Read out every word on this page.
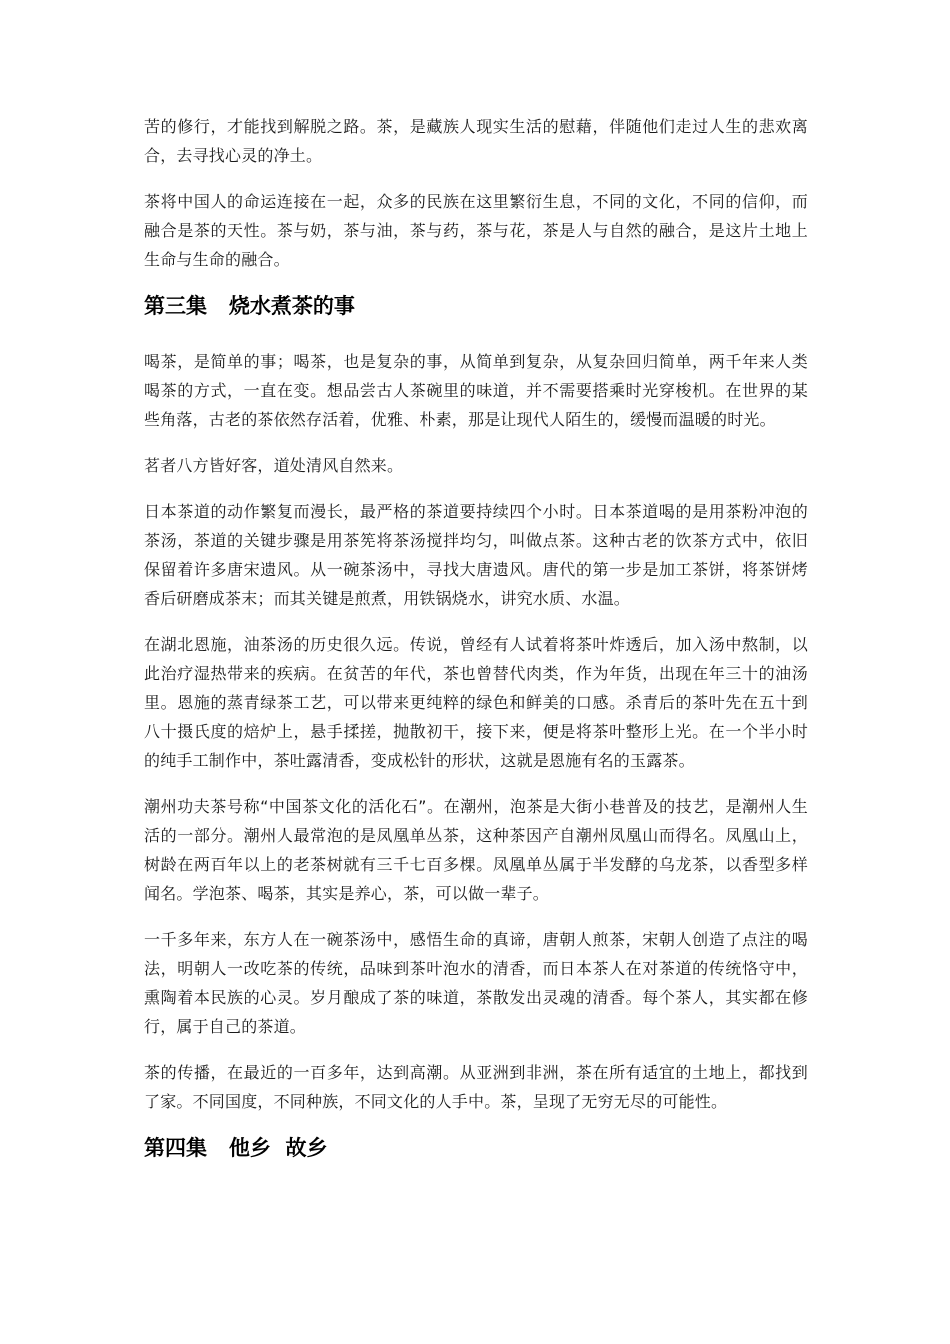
苦的修行，才能找到解脱之路。茶，是藏族人现实生活的慰藉，伴随他们走过人生的悲欢离合，去寻找心灵的净土。

茶将中国人的命运连接在一起，众多的民族在这里繁衍生息，不同的文化，不同的信仰，而融合是茶的天性。茶与奶，茶与油，茶与药，茶与花，茶是人与自然的融合，是这片土地上生命与生命的融合。

第三集   烧水煮茶的事

喝茶，是简单的事；喝茶，也是复杂的事，从简单到复杂，从复杂回归简单，两千年来人类喝茶的方式，一直在变。想品尝古人茶碗里的味道，并不需要搭乘时光穿梭机。在世界的某些角落，古老的茶依然存活着，优雅、朴素，那是让现代人陌生的，缓慢而温暖的时光。

茗者八方皆好客，道处清风自然来。

日本茶道的动作繁复而漫长，最严格的茶道要持续四个小时。日本茶道喝的是用茶粉冲泡的茶汤，茶道的关键步骤是用茶筅将茶汤搅拌均匀，叫做点茶。这种古老的饮茶方式中，依旧保留着许多唐宋遗风。从一碗茶汤中，寻找大唐遗风。唐代的第一步是加工茶饼，将茶饼烤香后研磨成茶末；而其关键是煎煮，用铁锅烧水，讲究水质、水温。

在湖北恩施，油茶汤的历史很久远。传说，曾经有人试着将茶叶炸透后，加入汤中熬制，以此治疗湿热带来的疾病。在贫苦的年代，茶也曾替代肉类，作为年货，出现在年三十的油汤里。恩施的蒸青绿茶工艺，可以带来更纯粹的绿色和鲜美的口感。杀青后的茶叶先在五十到八十摄氏度的焙炉上，悬手揉搓，抛散初干，接下来，便是将茶叶整形上光。在一个半小时的纯手工制作中，茶吐露清香，变成松针的形状，这就是恩施有名的玉露茶。

潮州功夫茶号称“中国茶文化的活化石”。在潮州，泡茶是大街小巷普及的技艺，是潮州人生活的一部分。潮州人最常泡的是凤凰单丛茶，这种茶因产自潮州凤凰山而得名。凤凰山上，树龄在两百年以上的老茶树就有三千七百多棵。凤凰单丛属于半发酵的乌龙茶，以香型多样闻名。学泡茶、喝茶，其实是养心，茶，可以做一辈子。

一千多年来，东方人在一碗茶汤中，感悟生命的真谛，唐朝人煎茶，宋朝人创造了点注的喝法，明朝人一改吃茶的传统，品味到茶叶泡水的清香，而日本茶人在对茶道的传统恪守中，熏陶着本民族的心灵。岁月酿成了茶的味道，茶散发出灵魂的清香。每个茶人，其实都在修行，属于自己的茶道。

茶的传播，在最近的一百多年，达到高潮。从亚洲到非洲，茶在所有适宜的土地上，都找到了家。不同国度，不同种族，不同文化的人手中。茶，呈现了无穷无尽的可能性。

第四集   他乡  故乡
